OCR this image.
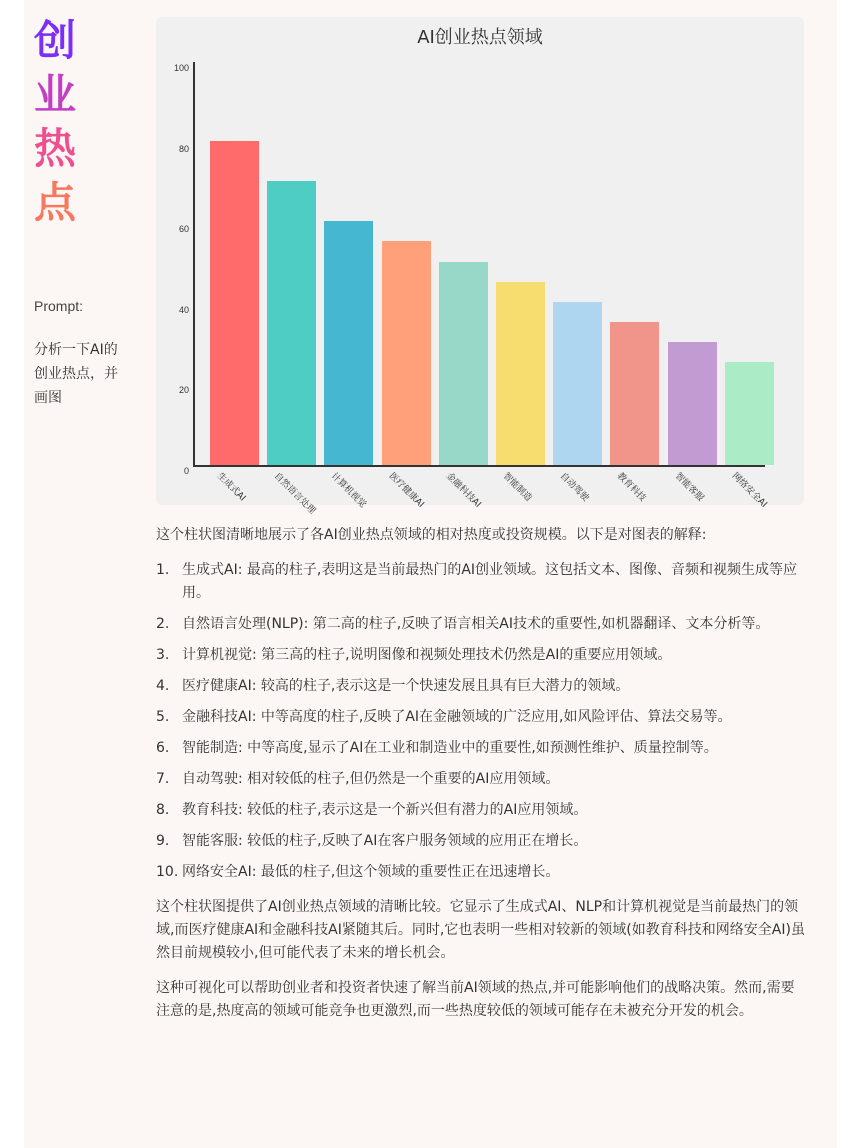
创
业
热
点
Prompt:
分析一下AI的创业热点，并画图
AI创业热点领域
0
20
40
60
80
100
生成式AI	自然语言处理 计算机视觉 医疗健康AI 金融科技AI 智能制造	自动驾驶	教育科技	智能客服	网络安全AI

这个柱状图清晰地展示了各AI创业热点领域的相对热度或投资规模。以下是对图表的解释:

1. 生成式AI: 最高的柱子,表明这是当前最热门的AI创业领域。这包括文本、图像、音频和视频生成等应用。
2. 自然语言处理(NLP): 第二高的柱子,反映了语言相关AI技术的重要性,如机器翻译、文本分析等。
3. 计算机视觉: 第三高的柱子,说明图像和视频处理技术仍然是AI的重要应用领域。
4. 医疗健康AI: 较高的柱子,表示这是一个快速发展且具有巨大潜力的领域。
5. 金融科技AI: 中等高度的柱子,反映了AI在金融领域的广泛应用,如风险评估、算法交易等。
6. 智能制造: 中等高度,显示了AI在工业和制造业中的重要性,如预测性维护、质量控制等。
7. 自动驾驶: 相对较低的柱子,但仍然是一个重要的AI应用领域。
8. 教育科技: 较低的柱子,表示这是一个新兴但有潜力的AI应用领域。
9. 智能客服: 较低的柱子,反映了AI在客户服务领域的应用正在增长。
10. 网络安全AI: 最低的柱子,但这个领域的重要性正在迅速增长。

这个柱状图提供了AI创业热点领域的清晰比较。它显示了生成式AI、NLP和计算机视觉是当前最热门的领域,而医疗健康AI和金融科技AI紧随其后。同时,它也表明一些相对较新的领域(如教育科技和网络安全AI)虽然目前规模较小,但可能代表了未来的增长机会。

这种可视化可以帮助创业者和投资者快速了解当前AI领域的热点,并可能影响他们的战略决策。然而,需要注意的是,热度高的领域可能竞争也更激烈,而一些热度较低的领域可能存在未被充分开发的机会。
